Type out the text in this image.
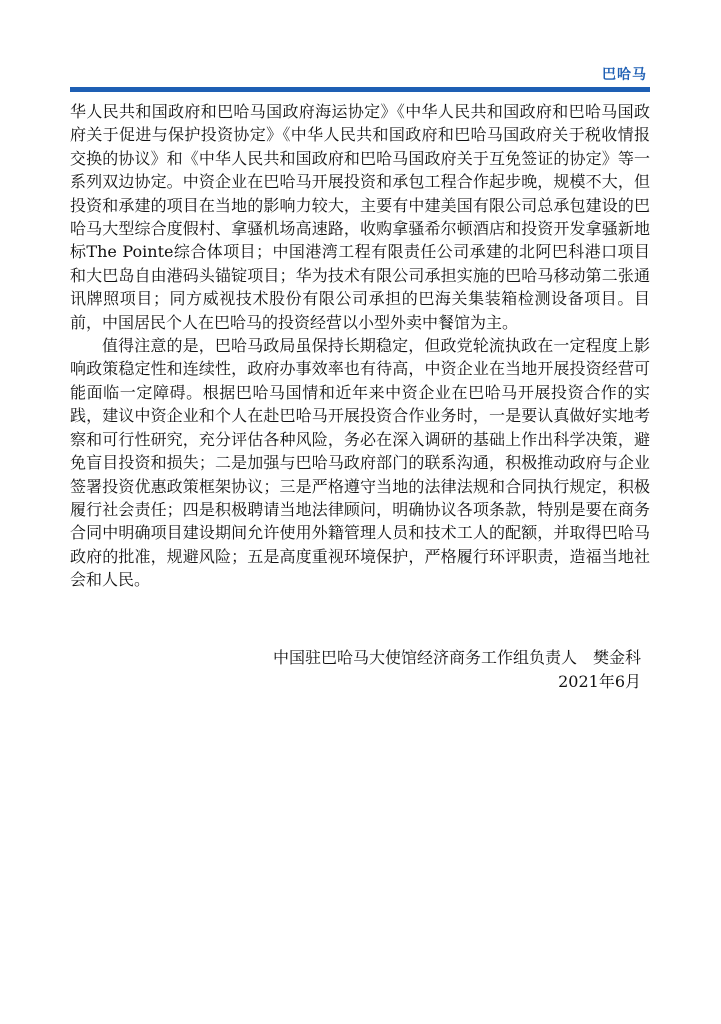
巴哈马

华人民共和国政府和巴哈马国政府海运协定》《中华人民共和国政府和巴哈马国政府关于促进与保护投资协定》《中华人民共和国政府和巴哈马国政府关于税收情报交换的协议》和《中华人民共和国政府和巴哈马国政府关于互免签证的协定》等一系列双边协定。中资企业在巴哈马开展投资和承包工程合作起步晚，规模不大，但投资和承建的项目在当地的影响力较大，主要有中建美国有限公司总承包建设的巴哈马大型综合度假村、拿骚机场高速路，收购拿骚希尔顿酒店和投资开发拿骚新地标The Pointe综合体项目；中国港湾工程有限责任公司承建的北阿巴科港口项目和大巴岛自由港码头锚锭项目；华为技术有限公司承担实施的巴哈马移动第二张通讯牌照项目；同方威视技术股份有限公司承担的巴海关集装箱检测设备项目。目前，中国居民个人在巴哈马的投资经营以小型外卖中餐馆为主。

值得注意的是，巴哈马政局虽保持长期稳定，但政党轮流执政在一定程度上影响政策稳定性和连续性，政府办事效率也有待高，中资企业在当地开展投资经营可能面临一定障碍。根据巴哈马国情和近年来中资企业在巴哈马开展投资合作的实践，建议中资企业和个人在赴巴哈马开展投资合作业务时，一是要认真做好实地考察和可行性研究，充分评估各种风险，务必在深入调研的基础上作出科学决策，避免盲目投资和损失；二是加强与巴哈马政府部门的联系沟通，积极推动政府与企业签署投资优惠政策框架协议；三是严格遵守当地的法律法规和合同执行规定，积极履行社会责任；四是积极聘请当地法律顾问，明确协议各项条款，特别是要在商务合同中明确项目建设期间允许使用外籍管理人员和技术工人的配额，并取得巴哈马政府的批准，规避风险；五是高度重视环境保护，严格履行环评职责，造福当地社会和人民。

中国驻巴哈马大使馆经济商务工作组负责人　樊金科
2021年6月
